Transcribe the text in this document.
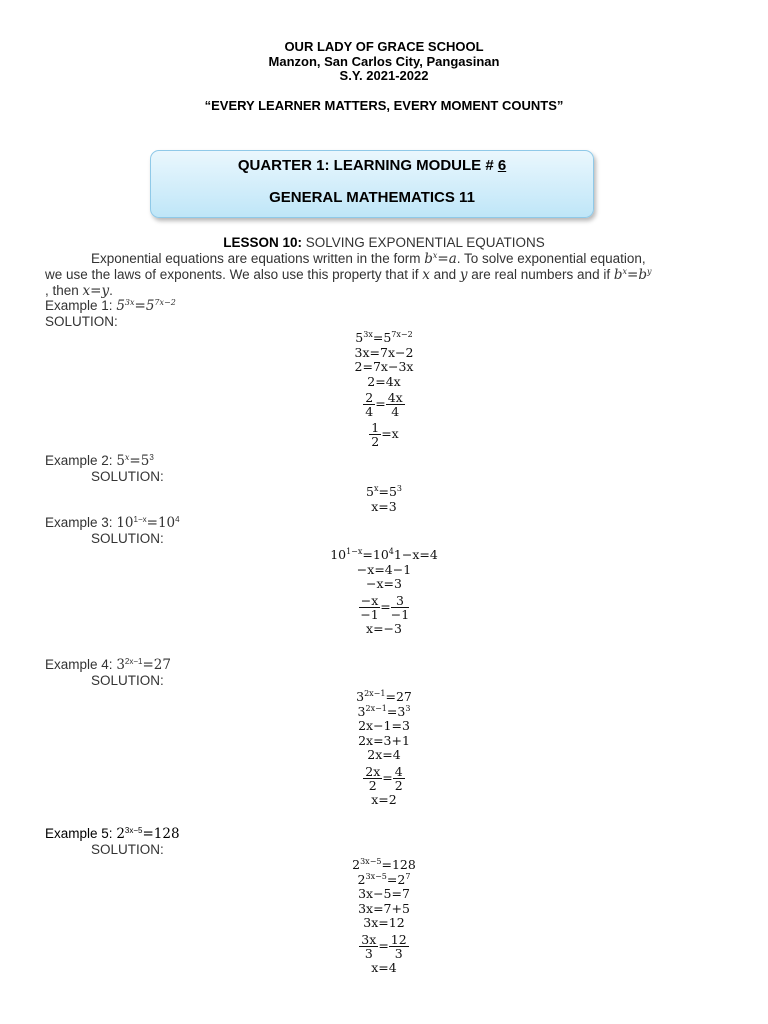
OUR LADY OF GRACE SCHOOL
Manzon, San Carlos City, Pangasinan
S.Y. 2021-2022
“EVERY LEARNER MATTERS, EVERY MOMENT COUNTS”
QUARTER 1: LEARNING MODULE # 6
GENERAL MATHEMATICS 11
LESSON 10: SOLVING EXPONENTIAL EQUATIONS
Exponential equations are equations written in the form $b^x=a$. To solve exponential equation,
we use the laws of exponents. We also use this property that if x and y are real numbers and if $b^x=b^y$
, then x=y.
Example 1: $5^{3x}=5^{7x-2}$
SOLUTION:
$5^{3x}=5^{7x-2}$
3x=7x−2
2=7x−3x
2=4x
$\frac{2}{4} = \frac{4x}{4}$
$\frac{1}{2} =x$
Example 2: $5^x=5^3$
SOLUTION:
$5^x=5^3$
x=3
Example 3: $10^{1-x}=10^4$
SOLUTION:
$10^{1-x}=10^41-x=4$
−x=4−1
−x=3
$\frac{-x}{-1} = \frac{3}{-1}$
x=−3
Example 4: $3^{2x-1}=27$
SOLUTION:
$3^{2x-1}=27$
$3^{2x-1}=3^3$
2x−1=3
2x=3+1
2x=4
$\frac{2x}{2} = \frac{4}{2}$
x=2
Example 5: $2^{3x-5}=128$
SOLUTION:
$2^{3x-5}=128$
$2^{3x-5}=2^7$
3x−5=7
3x=7+5
3x=12
$\frac{3x}{3} = \frac{12}{3}$
x=4
